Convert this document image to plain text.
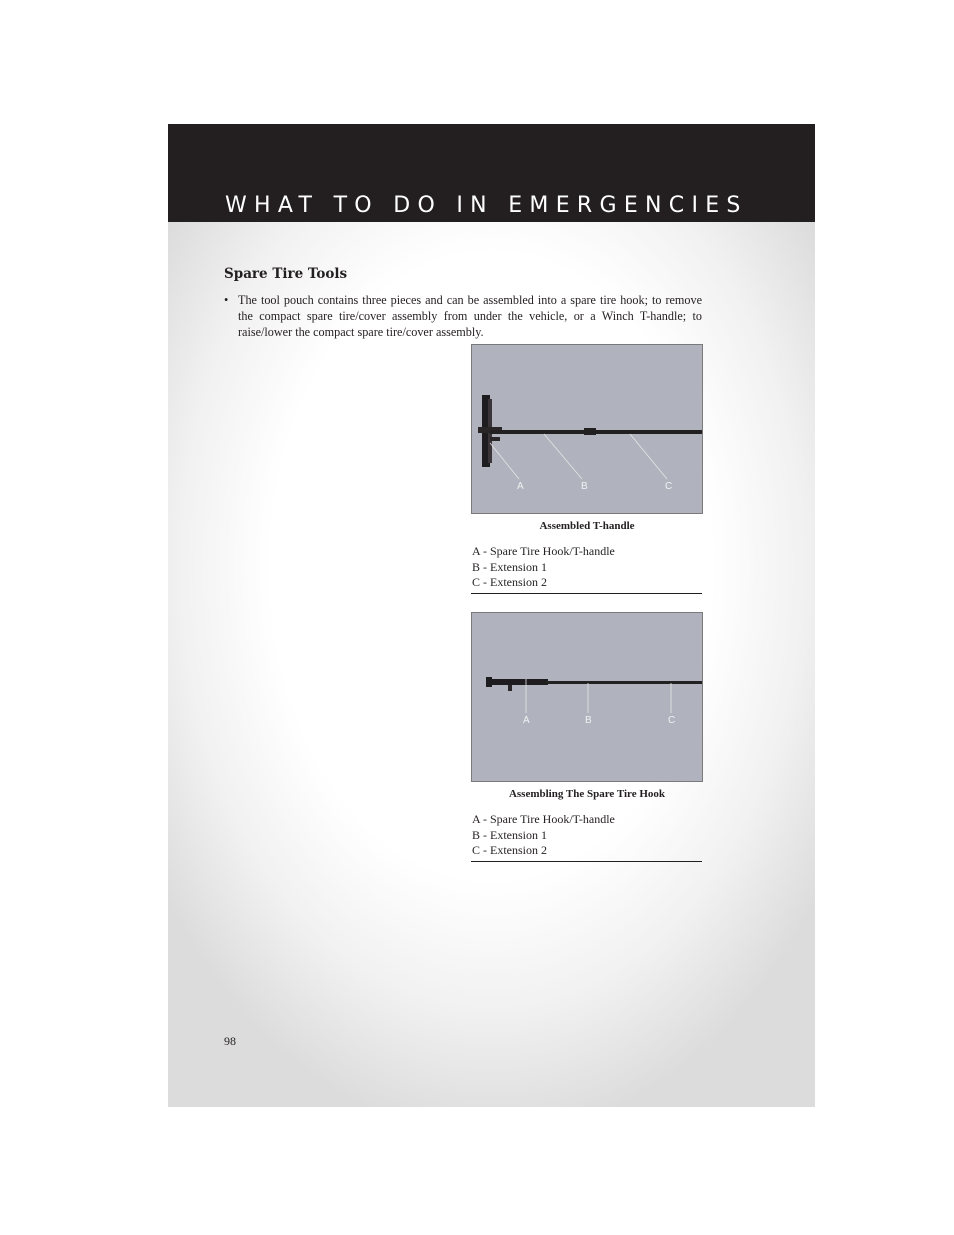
WHAT TO DO IN EMERGENCIES
Spare Tire Tools
• The tool pouch contains three pieces and can be assembled into a spare tire hook; to remove the compact spare tire/cover assembly from under the vehicle, or a Winch T-handle; to raise/lower the compact spare tire/cover assembly.
A	B	C
Assembled T-handle
A - Spare Tire Hook/T-handle
B - Extension 1
C - Extension 2
A	B	C
Assembling The Spare Tire Hook
A - Spare Tire Hook/T-handle
B - Extension 1
C - Extension 2
98
